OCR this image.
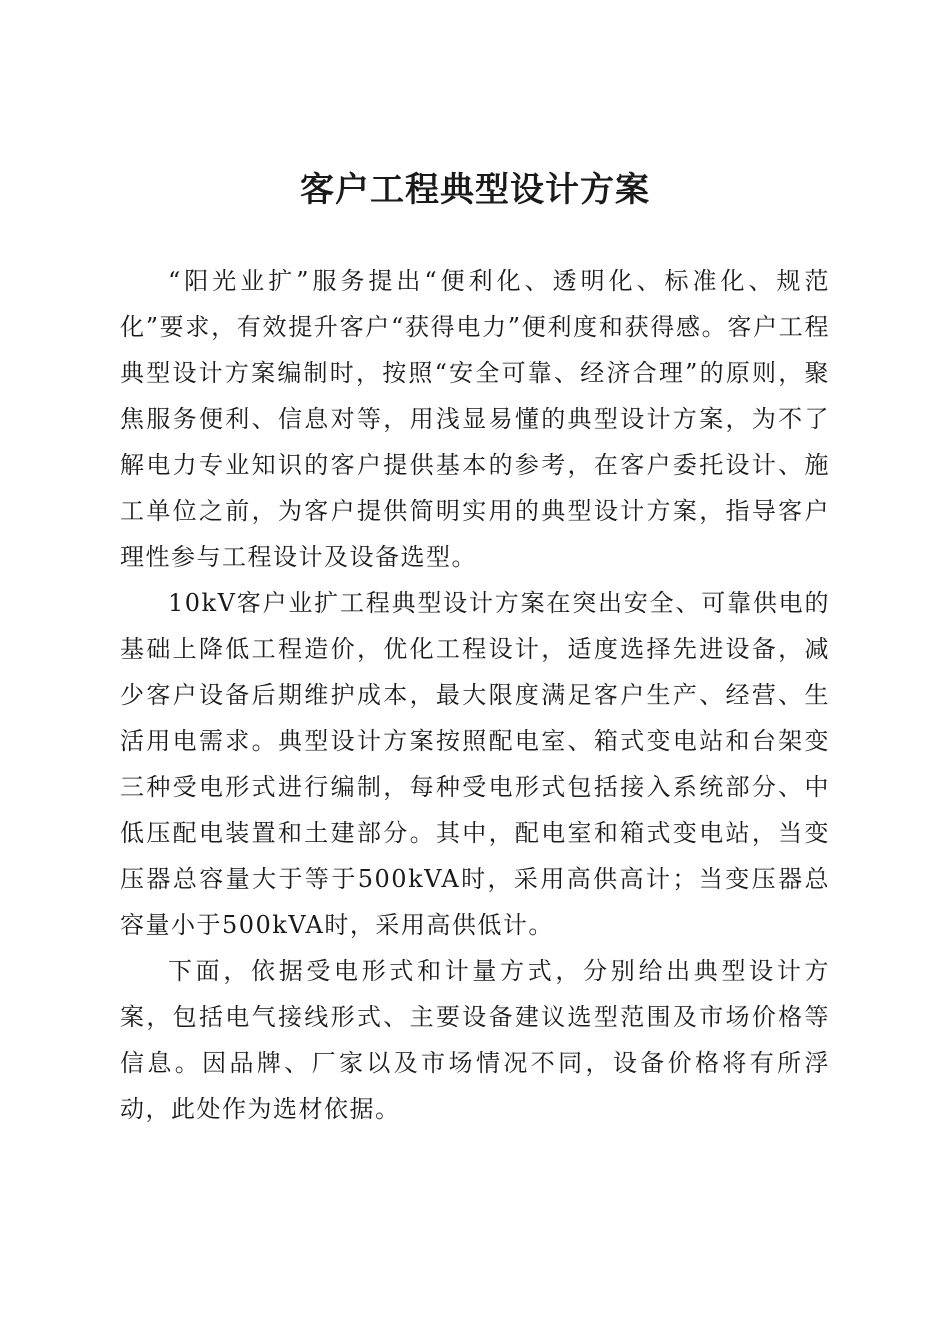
客户工程典型设计方案

“阳光业扩”服务提出“便利化、透明化、标准化、规范化”要求，有效提升客户“获得电力”便利度和获得感。客户工程典型设计方案编制时，按照“安全可靠、经济合理”的原则，聚焦服务便利、信息对等，用浅显易懂的典型设计方案，为不了解电力专业知识的客户提供基本的参考，在客户委托设计、施工单位之前，为客户提供简明实用的典型设计方案，指导客户理性参与工程设计及设备选型。

10kV客户业扩工程典型设计方案在突出安全、可靠供电的基础上降低工程造价，优化工程设计，适度选择先进设备，减少客户设备后期维护成本，最大限度满足客户生产、经营、生活用电需求。典型设计方案按照配电室、箱式变电站和台架变三种受电形式进行编制，每种受电形式包括接入系统部分、中低压配电装置和土建部分。其中，配电室和箱式变电站，当变压器总容量大于等于500kVA时，采用高供高计；当变压器总容量小于500kVA时，采用高供低计。

下面，依据受电形式和计量方式，分别给出典型设计方案，包括电气接线形式、主要设备建议选型范围及市场价格等信息。因品牌、厂家以及市场情况不同，设备价格将有所浮动，此处作为选材依据。
